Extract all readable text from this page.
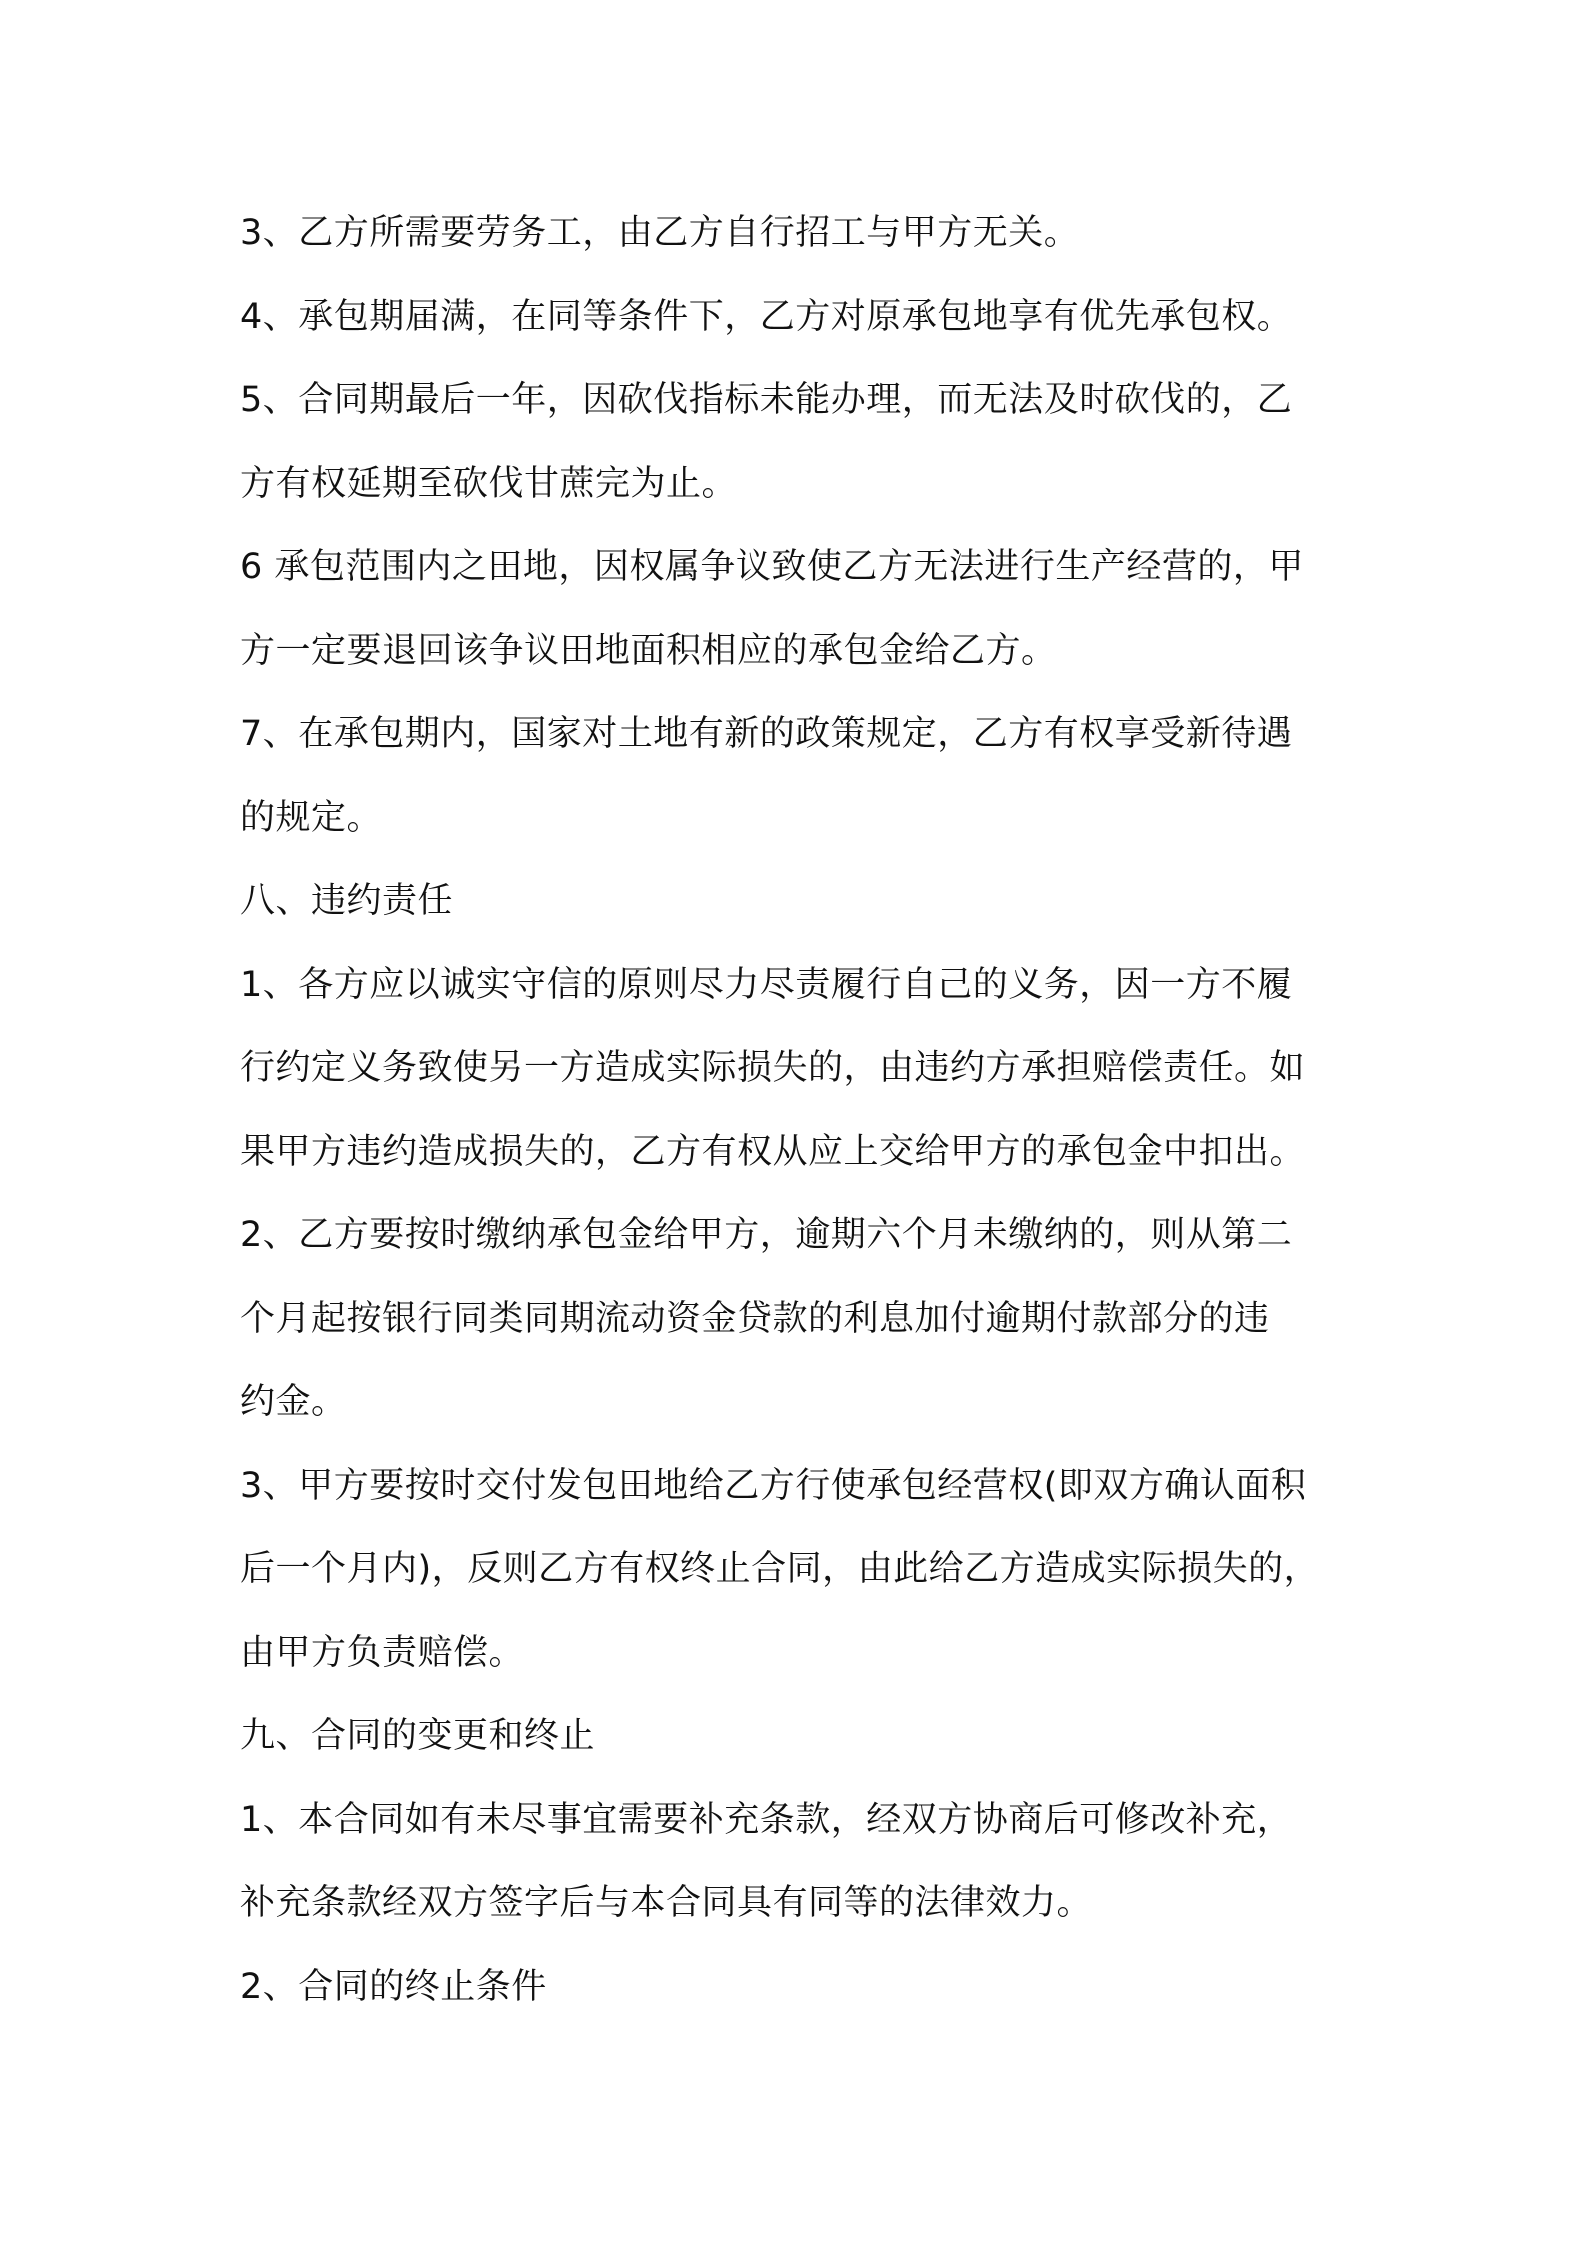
3、乙方所需要劳务工，由乙方自行招工与甲方无关。
4、承包期届满，在同等条件下，乙方对原承包地享有优先承包权。
5、合同期最后一年，因砍伐指标未能办理，而无法及时砍伐的，乙
方有权延期至砍伐甘蔗完为止。
6 承包范围内之田地，因权属争议致使乙方无法进行生产经营的，甲
方一定要退回该争议田地面积相应的承包金给乙方。
7、在承包期内，国家对土地有新的政策规定，乙方有权享受新待遇
的规定。
八、违约责任
1、各方应以诚实守信的原则尽力尽责履行自己的义务，因一方不履
行约定义务致使另一方造成实际损失的，由违约方承担赔偿责任。如
果甲方违约造成损失的，乙方有权从应上交给甲方的承包金中扣出。
2、乙方要按时缴纳承包金给甲方，逾期六个月未缴纳的，则从第二
个月起按银行同类同期流动资金贷款的利息加付逾期付款部分的违
约金。
3、甲方要按时交付发包田地给乙方行使承包经营权(即双方确认面积
后一个月内)，反则乙方有权终止合同，由此给乙方造成实际损失的，
由甲方负责赔偿。
九、合同的变更和终止
1、本合同如有未尽事宜需要补充条款，经双方协商后可修改补充，
补充条款经双方签字后与本合同具有同等的法律效力。
2、合同的终止条件
